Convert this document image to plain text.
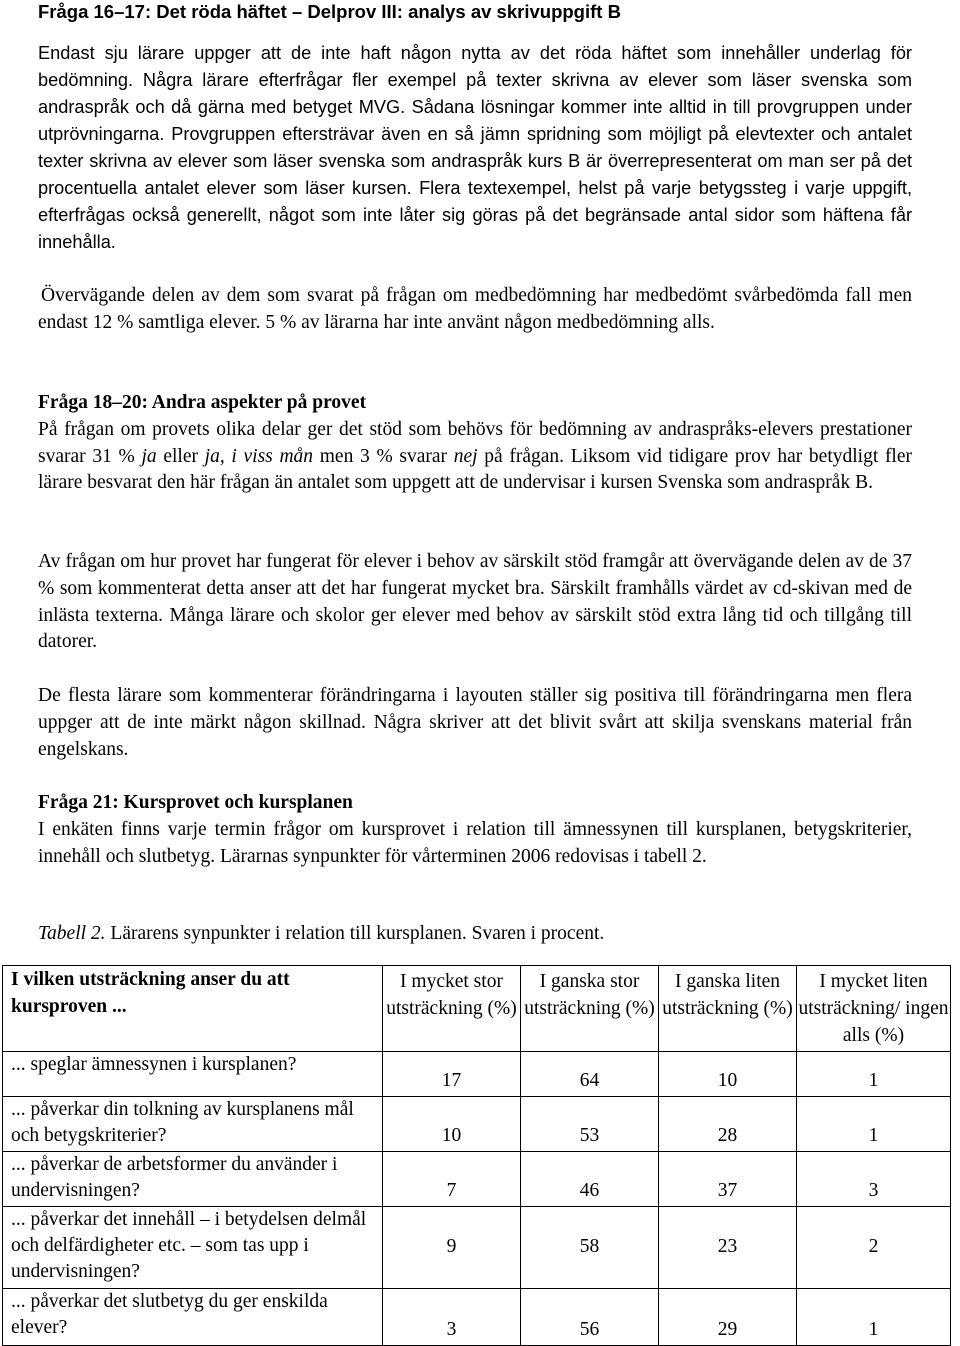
Fråga 16–17: Det röda häftet – Delprov III: analys av skrivuppgift B
Endast sju lärare uppger att de inte haft någon nytta av det röda häftet som innehåller underlag för bedömning. Några lärare efterfrågar fler exempel på texter skrivna av elever som läser svenska som andraspråk och då gärna med betyget MVG. Sådana lösningar kommer inte alltid in till provgruppen under utprövningarna. Provgruppen eftersträvar även en så jämn spridning som möjligt på elevtexter och antalet texter skrivna av elever som läser svenska som andraspråk kurs B är överrepresenterat om man ser på det procentuella antalet elever som läser kursen. Flera textexempel, helst på varje betygssteg i varje uppgift, efterfrågas också generellt, något som inte låter sig göras på det begränsade antal sidor som häftena får innehålla.
Övervägande delen av dem som svarat på frågan om medbedömning har medbedömt svårbedömda fall men endast 12 % samtliga elever. 5 % av lärarna har inte använt någon medbedömning alls.
Fråga 18–20: Andra aspekter på provet
På frågan om provets olika delar ger det stöd som behövs för bedömning av andraspråks-elevers prestationer svarar 31 % ja eller ja, i viss mån men 3 % svarar nej på frågan. Liksom vid tidigare prov har betydligt fler lärare besvarat den här frågan än antalet som uppgett att de undervisar i kursen Svenska som andraspråk B.
Av frågan om hur provet har fungerat för elever i behov av särskilt stöd framgår att övervägande delen av de 37 % som kommenterat detta anser att det har fungerat mycket bra. Särskilt framhålls värdet av cd-skivan med de inlästa texterna. Många lärare och skolor ger elever med behov av särskilt stöd extra lång tid och tillgång till datorer.
De flesta lärare som kommenterar förändringarna i layouten ställer sig positiva till förändringarna men flera uppger att de inte märkt någon skillnad. Några skriver att det blivit svårt att skilja svenskans material från engelskans.
Fråga 21: Kursprovet och kursplanen
I enkäten finns varje termin frågor om kursprovet i relation till ämnessynen till kursplanen, betygskriterier, innehåll och slutbetyg. Lärarnas synpunkter för vårterminen 2006 redovisas i tabell 2.
Tabell 2. Lärarens synpunkter i relation till kursplanen. Svaren i procent.
I vilken utsträckning anser du att kursproven ...	I mycket stor utsträckning (%)	I ganska stor utsträckning (%)	I ganska liten utsträckning (%)	I mycket liten utsträckning/ ingen alls (%)
... speglar ämnessynen i kursplanen?	17	64	10	1
... påverkar din tolkning av kursplanens mål och betygskriterier?	10	53	28	1
... påverkar de arbetsformer du använder i undervisningen?	7	46	37	3
... påverkar det innehåll – i betydelsen delmål och delfärdigheter etc. – som tas upp i undervisningen?	9	58	23	2
... påverkar det slutbetyg du ger enskilda elever?	3	56	29	1
